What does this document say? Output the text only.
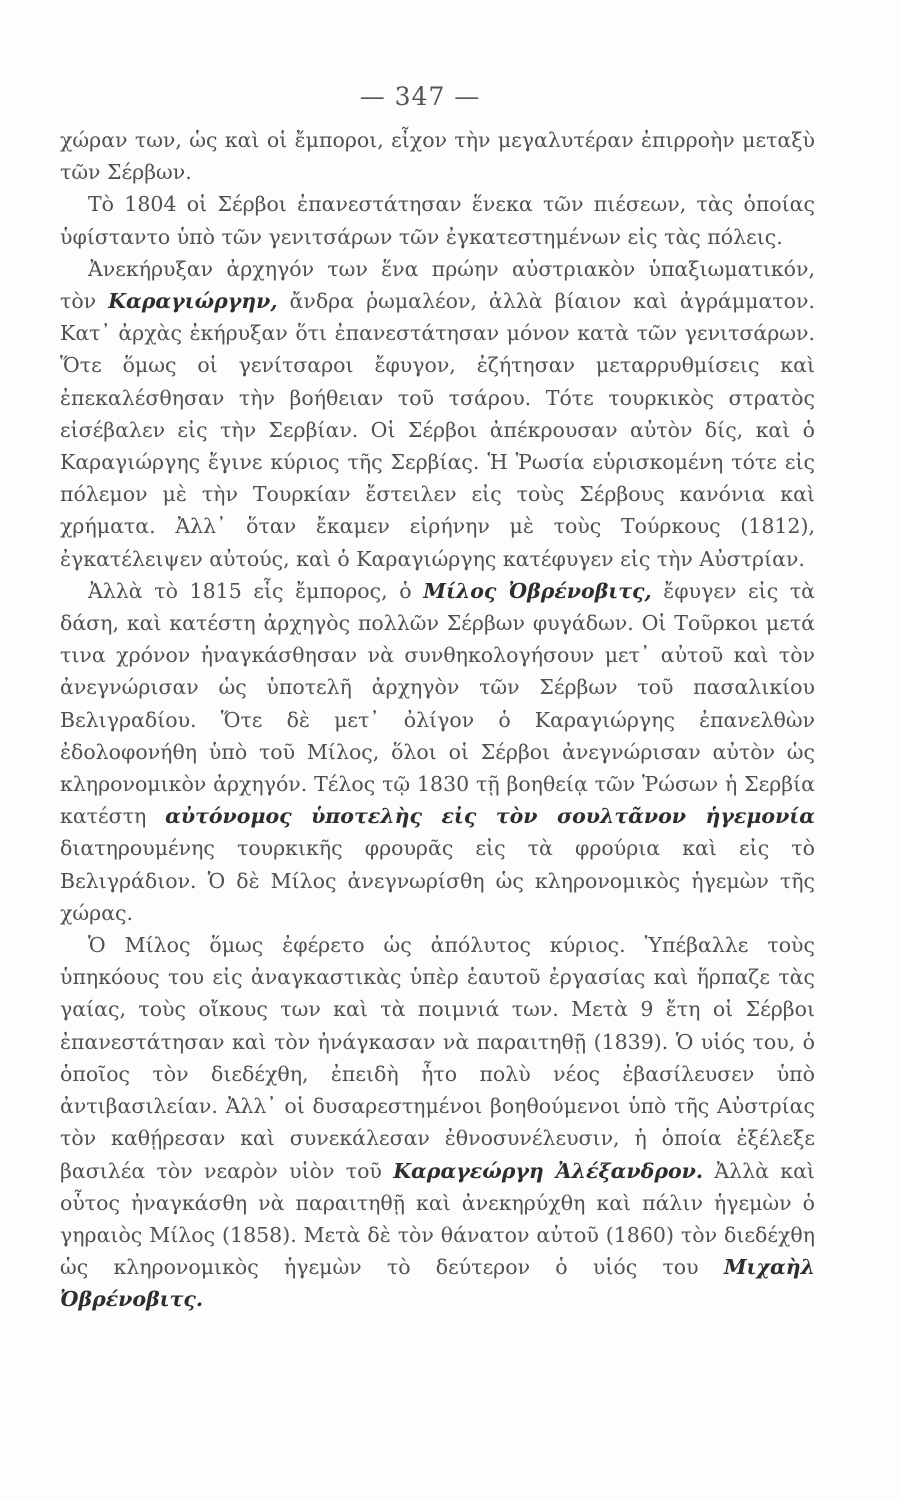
— 347 —

χώραν των, ὡς καὶ οἱ ἔμποροι, εἶχον τὴν μεγαλυτέραν ἐπιρροὴν μεταξὺ τῶν Σέρβων.

Τὸ 1804 οἱ Σέρβοι ἐπανεστάτησαν ἕνεκα τῶν πιέσεων, τὰς ὁποίας ὑφίσταντο ὑπὸ τῶν γενιτσάρων τῶν ἐγκατεστημένων εἰς τὰς πόλεις.

Ἀνεκήρυξαν ἀρχηγόν των ἕνα πρώην αὐστριακὸν ὑπαξιωματικόν, τὸν Καραγιώργην, ἄνδρα ῥωμαλέον, ἀλλὰ βίαιον καὶ ἀγράμματον. Κατ᾽ ἀρχὰς ἐκήρυξαν ὅτι ἐπανεστάτησαν μόνον κατὰ τῶν γενιτσάρων. Ὅτε ὅμως οἱ γενίτσαροι ἔφυγον, ἐζήτησαν μεταρρυθμίσεις καὶ ἐπεκαλέσθησαν τὴν βοήθειαν τοῦ τσάρου. Τότε τουρκικὸς στρατὸς εἰσέβαλεν εἰς τὴν Σερβίαν. Οἱ Σέρβοι ἀπέκρουσαν αὐτὸν δίς, καὶ ὁ Καραγιώργης ἔγινε κύριος τῆς Σερβίας. Ἡ Ῥωσία εὑρισκομένη τότε εἰς πόλεμον μὲ τὴν Τουρκίαν ἔστειλεν εἰς τοὺς Σέρβους κανόνια καὶ χρήματα. Ἀλλ᾽ ὅταν ἔκαμεν εἰρήνην μὲ τοὺς Τούρκους (1812), ἐγκατέλειψεν αὐτούς, καὶ ὁ Καραγιώργης κατέφυγεν εἰς τὴν Αὐστρίαν.

Ἀλλὰ τὸ 1815 εἷς ἔμπορος, ὁ Μίλος Ὀβρένοβιτς, ἔφυγεν εἰς τὰ δάση, καὶ κατέστη ἀρχηγὸς πολλῶν Σέρβων φυγάδων. Οἱ Τοῦρκοι μετά τινα χρόνον ἠναγκάσθησαν νὰ συνθηκολογήσουν μετ᾽ αὐτοῦ καὶ τὸν ἀνεγνώρισαν ὡς ὑποτελῆ ἀρχηγὸν τῶν Σέρβων τοῦ πασαλικίου Βελιγραδίου. Ὅτε δὲ μετ᾽ ὀλίγον ὁ Καραγιώργης ἐπανελθὼν ἐδολοφονήθη ὑπὸ τοῦ Μίλος, ὅλοι οἱ Σέρβοι ἀνεγνώρισαν αὐτὸν ὡς κληρονομικὸν ἀρχηγόν. Τέλος τῷ 1830 τῇ βοηθείᾳ τῶν Ῥώσων ἡ Σερβία κατέστη αὐτόνομος ὑποτελὴς εἰς τὸν σουλτᾶνον ἡγεμονία διατηρουμένης τουρκικῆς φρουρᾶς εἰς τὰ φρούρια καὶ εἰς τὸ Βελιγράδιον. Ὁ δὲ Μίλος ἀνεγνωρίσθη ὡς κληρονομικὸς ἡγεμὼν τῆς χώρας.

Ὁ Μίλος ὅμως ἐφέρετο ὡς ἀπόλυτος κύριος. Ὑπέβαλλε τοὺς ὑπηκόους του εἰς ἀναγκαστικὰς ὑπὲρ ἑαυτοῦ ἐργασίας καὶ ἥρπαζε τὰς γαίας, τοὺς οἴκους των καὶ τὰ ποιμνιά των. Μετὰ 9 ἔτη οἱ Σέρβοι ἐπανεστάτησαν καὶ τὸν ἠνάγκασαν νὰ παραιτηθῇ (1839). Ὁ υἱός του, ὁ ὁποῖος τὸν διεδέχθη, ἐπειδὴ ἦτο πολὺ νέος ἐβασίλευσεν ὑπὸ ἀντιβασιλείαν. Ἀλλ᾽ οἱ δυσαρεστημένοι βοηθούμενοι ὑπὸ τῆς Αὐστρίας τὸν καθῄρεσαν καὶ συνεκάλεσαν ἐθνοσυνέλευσιν, ἡ ὁποία ἐξέλεξε βασιλέα τὸν νεαρὸν υἱὸν τοῦ Καραγεώργη Ἀλέξανδρον. Ἀλλὰ καὶ οὗτος ἠναγκάσθη νὰ παραιτηθῇ καὶ ἀνεκηρύχθη καὶ πάλιν ἡγεμὼν ὁ γηραιὸς Μίλος (1858). Μετὰ δὲ τὸν θάνατον αὐτοῦ (1860) τὸν διεδέχθη ὡς κληρονομικὸς ἡγεμὼν τὸ δεύτερον ὁ υἱός του Μιχαὴλ Ὀβρένοβιτς.
